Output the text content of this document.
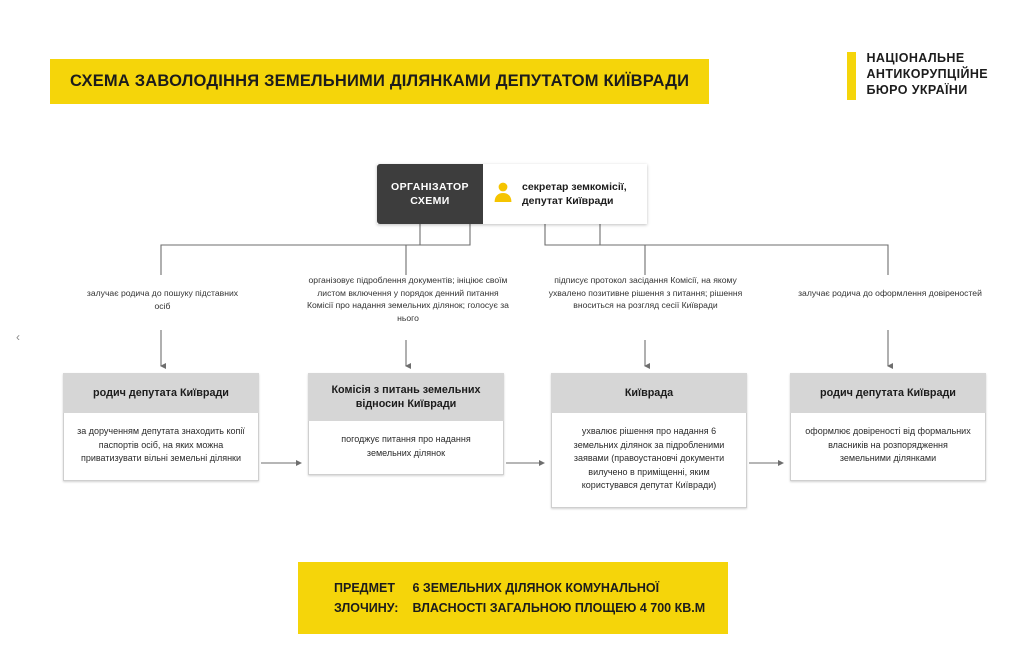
СХЕМА ЗАВОЛОДІННЯ ЗЕМЕЛЬНИМИ ДІЛЯНКАМИ ДЕПУТАТОМ КИЇВРАДИ
НАЦІОНАЛЬНЕ
АНТИКОРУПЦІЙНЕ
БЮРО УКРАЇНИ
ОРГАНІЗАТОР
СХЕМИ
секретар земкомісії,
депутат Київради
залучає родича до пошуку підставних осіб
організовує підроблення документів; ініціює своїм листом включення у порядок денний питання Комісії про надання земельних ділянок; голосує за нього
підписує протокол засідання Комісії, на якому ухвалено позитивне рішення з питання; рішення вноситься на розгляд сесії Київради
залучає родича до оформлення довіреностей
родич депутата Київради
за дорученням депутата знаходить копії паспортів осіб, на яких можна приватизувати вільні земельні ділянки
Комісія з питань земельних відносин Київради
погоджує питання про надання земельних ділянок
Київрада
ухвалює рішення про надання 6 земельних ділянок за підробленими заявами (правоустановчі документи вилучено в приміщенні, яким користувався депутат Київради)
родич депутата Київради
оформлює довіреності від формальних власників на розпорядження земельними ділянками
‹
ПРЕДМЕТ
ЗЛОЧИНУ:
6 ЗЕМЕЛЬНИХ ДІЛЯНОК КОМУНАЛЬНОЇ
ВЛАСНОСТІ ЗАГАЛЬНОЮ ПЛОЩЕЮ 4 700 КВ.М
